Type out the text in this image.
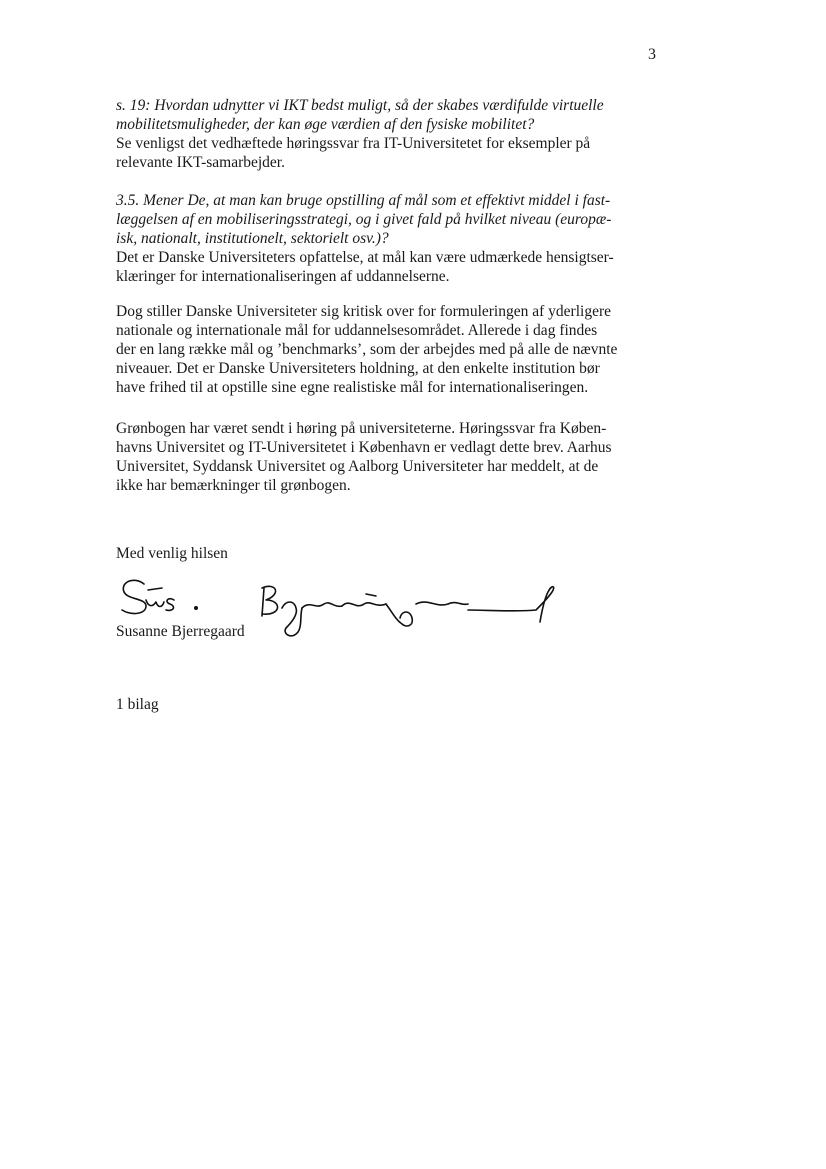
3
s. 19: Hvordan udnytter vi IKT bedst muligt, så der skabes værdifulde virtuelle
mobilitetsmuligheder, der kan øge værdien af den fysiske mobilitet?
Se venligst det vedhæftede høringssvar fra IT-Universitetet for eksempler på
relevante IKT-samarbejder.
3.5. Mener De, at man kan bruge opstilling af mål som et effektivt middel i fast-
læggelsen af en mobiliseringsstrategi, og i givet fald på hvilket niveau (europæ-
isk, nationalt, institutionelt, sektorielt osv.)?
Det er Danske Universiteters opfattelse, at mål kan være udmærkede hensigtser-
klæringer for internationaliseringen af uddannelserne.
Dog stiller Danske Universiteter sig kritisk over for formuleringen af yderligere
nationale og internationale mål for uddannelsesområdet. Allerede i dag findes
der en lang række mål og ’benchmarks’, som der arbejdes med på alle de nævnte
niveauer. Det er Danske Universiteters holdning, at den enkelte institution bør
have frihed til at opstille sine egne realistiske mål for internationaliseringen.
Grønbogen har været sendt i høring på universiteterne. Høringssvar fra Køben-
havns Universitet og IT-Universitetet i København er vedlagt dette brev. Aarhus
Universitet, Syddansk Universitet og Aalborg Universiteter har meddelt, at de
ikke har bemærkninger til grønbogen.
Med venlig hilsen
Susanne Bjerregaard
1 bilag
